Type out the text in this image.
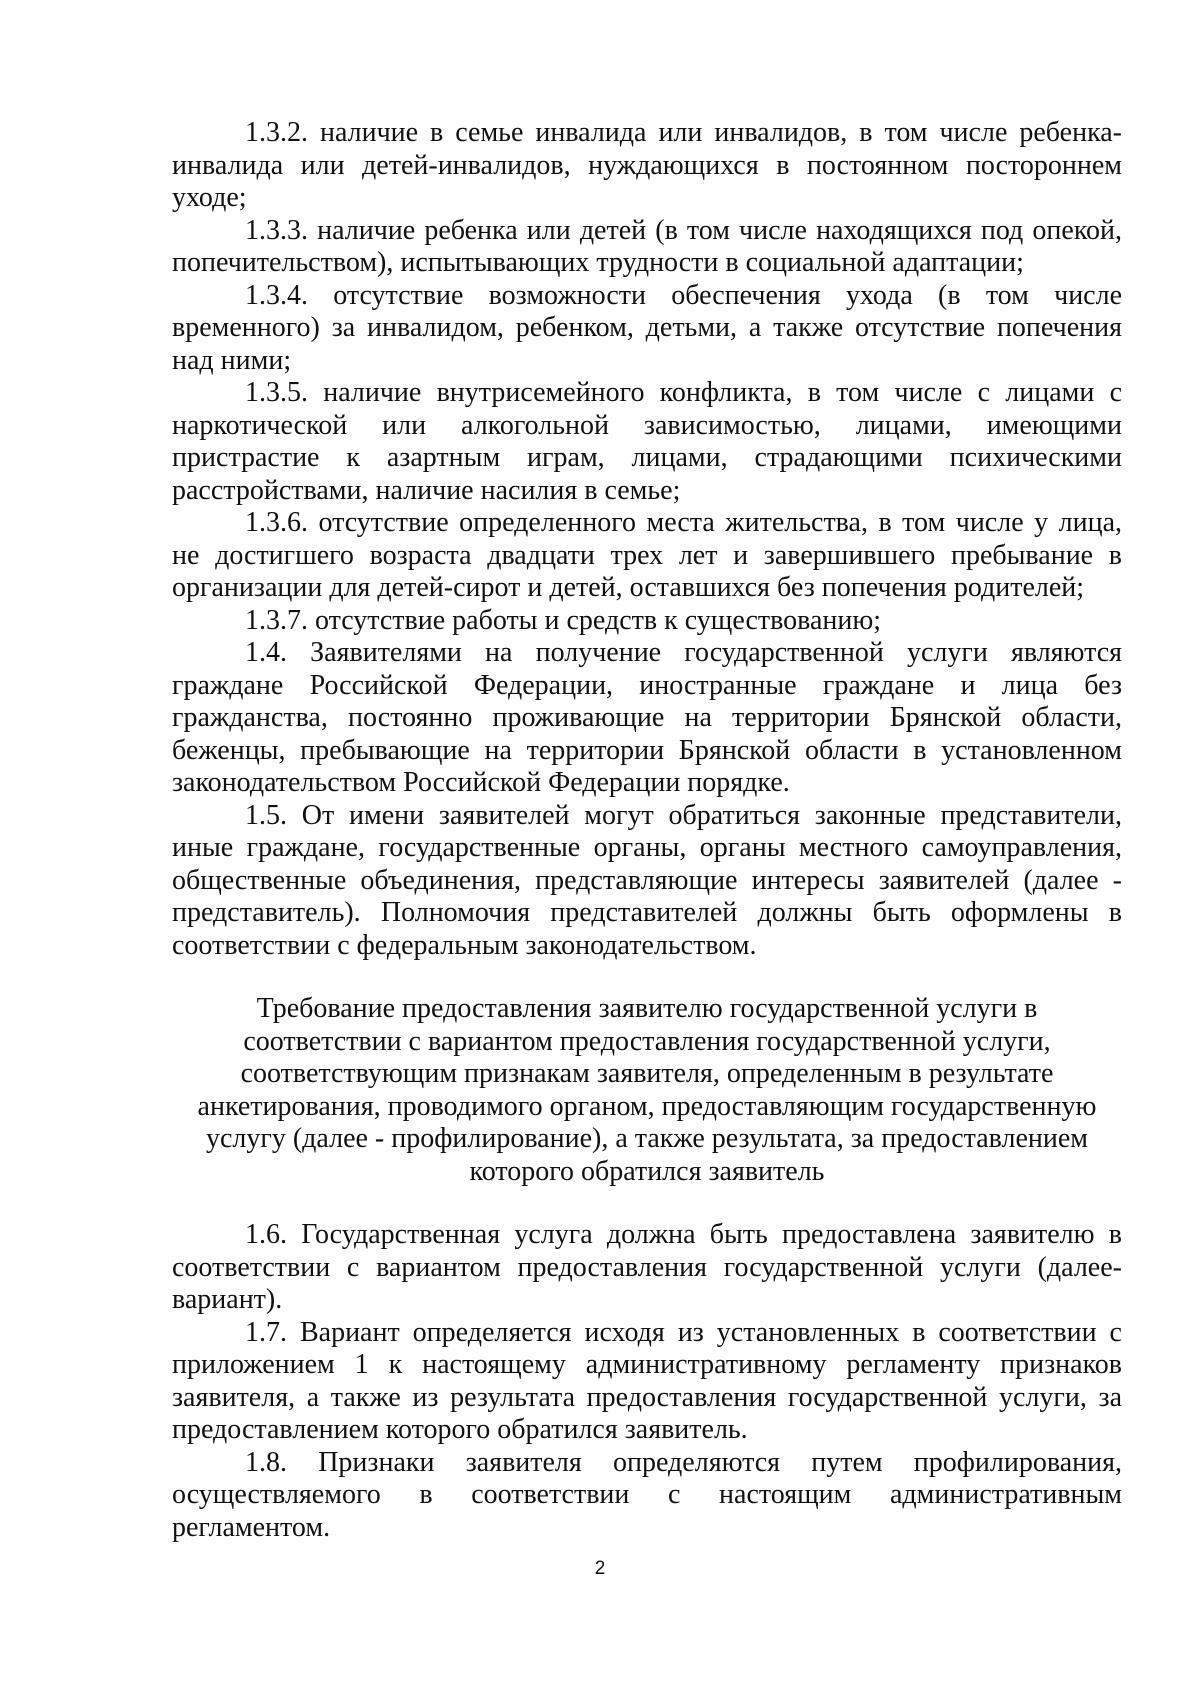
1.3.2. наличие в семье инвалида или инвалидов, в том числе ребенка-инвалида или детей-инвалидов, нуждающихся в постоянном постороннем уходе;

1.3.3. наличие ребенка или детей (в том числе находящихся под опекой, попечительством), испытывающих трудности в социальной адаптации;

1.3.4. отсутствие возможности обеспечения ухода (в том числе временного) за инвалидом, ребенком, детьми, а также отсутствие попечения над ними;

1.3.5. наличие внутрисемейного конфликта, в том числе с лицами с наркотической или алкогольной зависимостью, лицами, имеющими пристрастие к азартным играм, лицами, страдающими психическими расстройствами, наличие насилия в семье;

1.3.6. отсутствие определенного места жительства, в том числе у лица, не достигшего возраста двадцати трех лет и завершившего пребывание в организации для детей-сирот и детей, оставшихся без попечения родителей;

1.3.7. отсутствие работы и средств к существованию;

1.4. Заявителями на получение государственной услуги являются граждане Российской Федерации, иностранные граждане и лица без гражданства, постоянно проживающие на территории Брянской области, беженцы, пребывающие на территории Брянской области в установленном законодательством Российской Федерации порядке.

1.5. От имени заявителей могут обратиться законные представители, иные граждане, государственные органы, органы местного самоуправления, общественные объединения, представляющие интересы заявителей (далее - представитель). Полномочия представителей должны быть оформлены в соответствии с федеральным законодательством.

Требование предоставления заявителю государственной услуги в
соответствии с вариантом предоставления государственной услуги,
соответствующим признакам заявителя, определенным в результате
анкетирования, проводимого органом, предоставляющим государственную
услугу (далее - профилирование), а также результата, за предоставлением
которого обратился заявитель

1.6. Государственная услуга должна быть предоставлена заявителю в соответствии с вариантом предоставления государственной услуги (далее-вариант).

1.7. Вариант определяется исходя из установленных в соответствии с приложением 1 к настоящему административному регламенту признаков заявителя, а также из результата предоставления государственной услуги, за предоставлением которого обратился заявитель.

1.8. Признаки заявителя определяются путем профилирования, осуществляемого в соответствии с настоящим административным регламентом.

2
